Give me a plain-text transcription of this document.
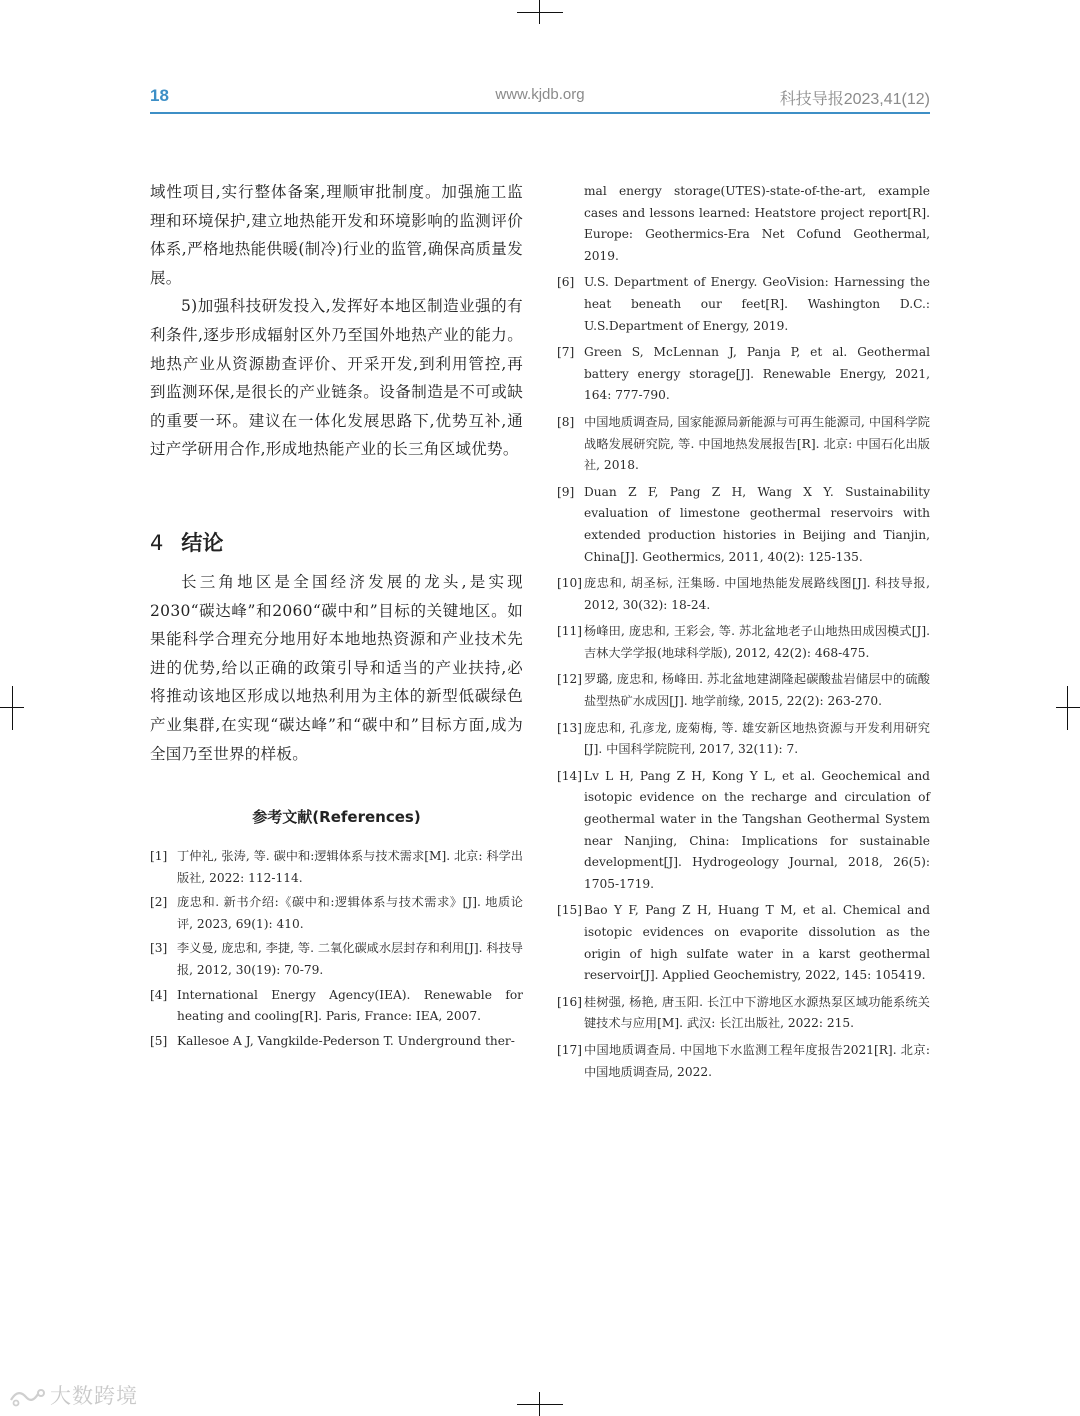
18	www.kjdb.org	科技导报2023,41(12)

域性项目,实行整体备案,理顺审批制度。加强施工监理和环境保护,建立地热能开发和环境影响的监测评价体系,严格地热能供暖(制冷)行业的监管,确保高质量发展。

5)加强科技研发投入,发挥好本地区制造业强的有利条件,逐步形成辐射区外乃至国外地热产业的能力。地热产业从资源勘查评价、开采开发,到利用管控,再到监测环保,是很长的产业链条。设备制造是不可或缺的重要一环。建议在一体化发展思路下,优势互补,通过产学研用合作,形成地热能产业的长三角区域优势。

4 结论

长三角地区是全国经济发展的龙头,是实现2030“碳达峰”和2060“碳中和”目标的关键地区。如果能科学合理充分地用好本地地热资源和产业技术先进的优势,给以正确的政策引导和适当的产业扶持,必将推动该地区形成以地热利用为主体的新型低碳绿色产业集群,在实现“碳达峰”和“碳中和”目标方面,成为全国乃至世界的样板。

参考文献(References)
[1] 丁仲礼, 张涛, 等. 碳中和:逻辑体系与技术需求[M]. 北京: 科学出版社, 2022: 112-114.
[2] 庞忠和. 新书介绍:《碳中和:逻辑体系与技术需求》[J]. 地质论评, 2023, 69(1): 410.
[3] 李义曼, 庞忠和, 李捷, 等. 二氧化碳咸水层封存和利用[J]. 科技导报, 2012, 30(19): 70-79.
[4] International Energy Agency(IEA). Renewable for heating and cooling[R]. Paris, France: IEA, 2007.
[5] Kallesoe A J, Vangkilde-Pederson T. Underground ther-
mal energy storage(UTES)-state-of-the-art, example cases and lessons learned: Heatstore project report[R]. Europe: Geothermics-Era Net Cofund Geothermal, 2019.
[6] U.S. Department of Energy. GeoVision: Harnessing the heat beneath our feet[R]. Washington D.C.: U.S.Department of Energy, 2019.
[7] Green S, McLennan J, Panja P, et al. Geothermal battery energy storage[J]. Renewable Energy, 2021, 164: 777-790.
[8] 中国地质调查局, 国家能源局新能源与可再生能源司, 中国科学院战略发展研究院, 等. 中国地热发展报告[R]. 北京: 中国石化出版社, 2018.
[9] Duan Z F, Pang Z H, Wang X Y. Sustainability evaluation of limestone geothermal reservoirs with extended production histories in Beijing and Tianjin, China[J]. Geothermics, 2011, 40(2): 125-135.
[10] 庞忠和, 胡圣标, 汪集旸. 中国地热能发展路线图[J]. 科技导报, 2012, 30(32): 18-24.
[11] 杨峰田, 庞忠和, 王彩会, 等. 苏北盆地老子山地热田成因模式[J]. 吉林大学学报(地球科学版), 2012, 42(2): 468-475.
[12] 罗璐, 庞忠和, 杨峰田. 苏北盆地建湖隆起碳酸盐岩储层中的硫酸盐型热矿水成因[J]. 地学前缘, 2015, 22(2): 263-270.
[13] 庞忠和, 孔彦龙, 庞菊梅, 等. 雄安新区地热资源与开发利用研究[J]. 中国科学院院刊, 2017, 32(11): 7.
[14] Lv L H, Pang Z H, Kong Y L, et al. Geochemical and isotopic evidence on the recharge and circulation of geothermal water in the Tangshan Geothermal System near Nanjing, China: Implications for sustainable development[J]. Hydrogeology Journal, 2018, 26(5): 1705-1719.
[15] Bao Y F, Pang Z H, Huang T M, et al. Chemical and isotopic evidences on evaporite dissolution as the origin of high sulfate water in a karst geothermal reservoir[J]. Applied Geochemistry, 2022, 145: 105419.
[16] 桂树强, 杨艳, 唐玉阳. 长江中下游地区水源热泵区域功能系统关键技术与应用[M]. 武汉: 长江出版社, 2022: 215.
[17] 中国地质调查局. 中国地下水监测工程年度报告2021[R]. 北京: 中国地质调查局, 2022.
大数跨境
